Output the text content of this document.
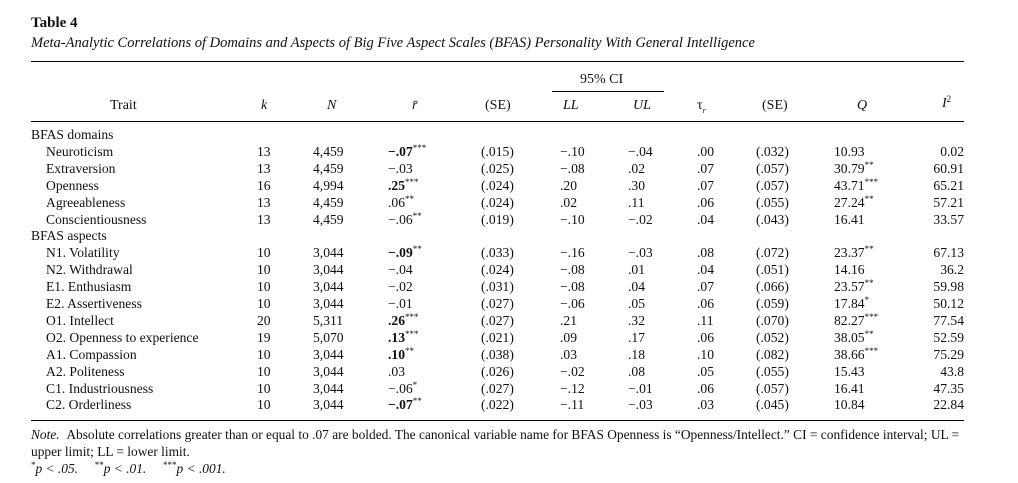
Table 4
Meta-Analytic Correlations of Domains and Aspects of Big Five Aspect Scales (BFAS) Personality With General Intelligence
95% CI
Trait	k	N	r̄	(SE)	LL	UL	$\tau_r$	(SE)	Q	$I^2$
BFAS domains
Neuroticism	13	4,459	−.07***	(.015)	−.10	−.04	.00	(.032)	10.93	0.02
Extraversion	13	4,459	−.03	(.025)	−.08	.02	.07	(.057)	30.79**	60.91
Openness	16	4,994	.25***	(.024)	.20	.30	.07	(.057)	43.71***	65.21
Agreeableness	13	4,459	.06**	(.024)	.02	.11	.06	(.055)	27.24**	57.21
Conscientiousness	13	4,459	−.06**	(.019)	−.10	−.02	.04	(.043)	16.41	33.57
BFAS aspects
N1. Volatility	10	3,044	−.09**	(.033)	−.16	−.03	.08	(.072)	23.37**	67.13
N2. Withdrawal	10	3,044	−.04	(.024)	−.08	.01	.04	(.051)	14.16	36.2
E1. Enthusiasm	10	3,044	−.02	(.031)	−.08	.04	.07	(.066)	23.57**	59.98
E2. Assertiveness	10	3,044	−.01	(.027)	−.06	.05	.06	(.059)	17.84*	50.12
O1. Intellect	20	5,311	.26***	(.027)	.21	.32	.11	(.070)	82.27***	77.54
O2. Openness to experience	19	5,070	.13***	(.021)	.09	.17	.06	(.052)	38.05**	52.59
A1. Compassion	10	3,044	.10**	(.038)	.03	.18	.10	(.082)	38.66***	75.29
A2. Politeness	10	3,044	.03	(.026)	−.02	.08	.05	(.055)	15.43	43.8
C1. Industriousness	10	3,044	−.06*	(.027)	−.12	−.01	.06	(.057)	16.41	47.35
C2. Orderliness	10	3,044	−.07**	(.022)	−.11	−.03	.03	(.045)	10.84	22.84
Note. Absolute correlations greater than or equal to .07 are bolded. The canonical variable name for BFAS Openness is “Openness/Intellect.” CI = confidence interval; UL = upper limit; LL = lower limit.
*p < .05. **p < .01. ***p < .001.
